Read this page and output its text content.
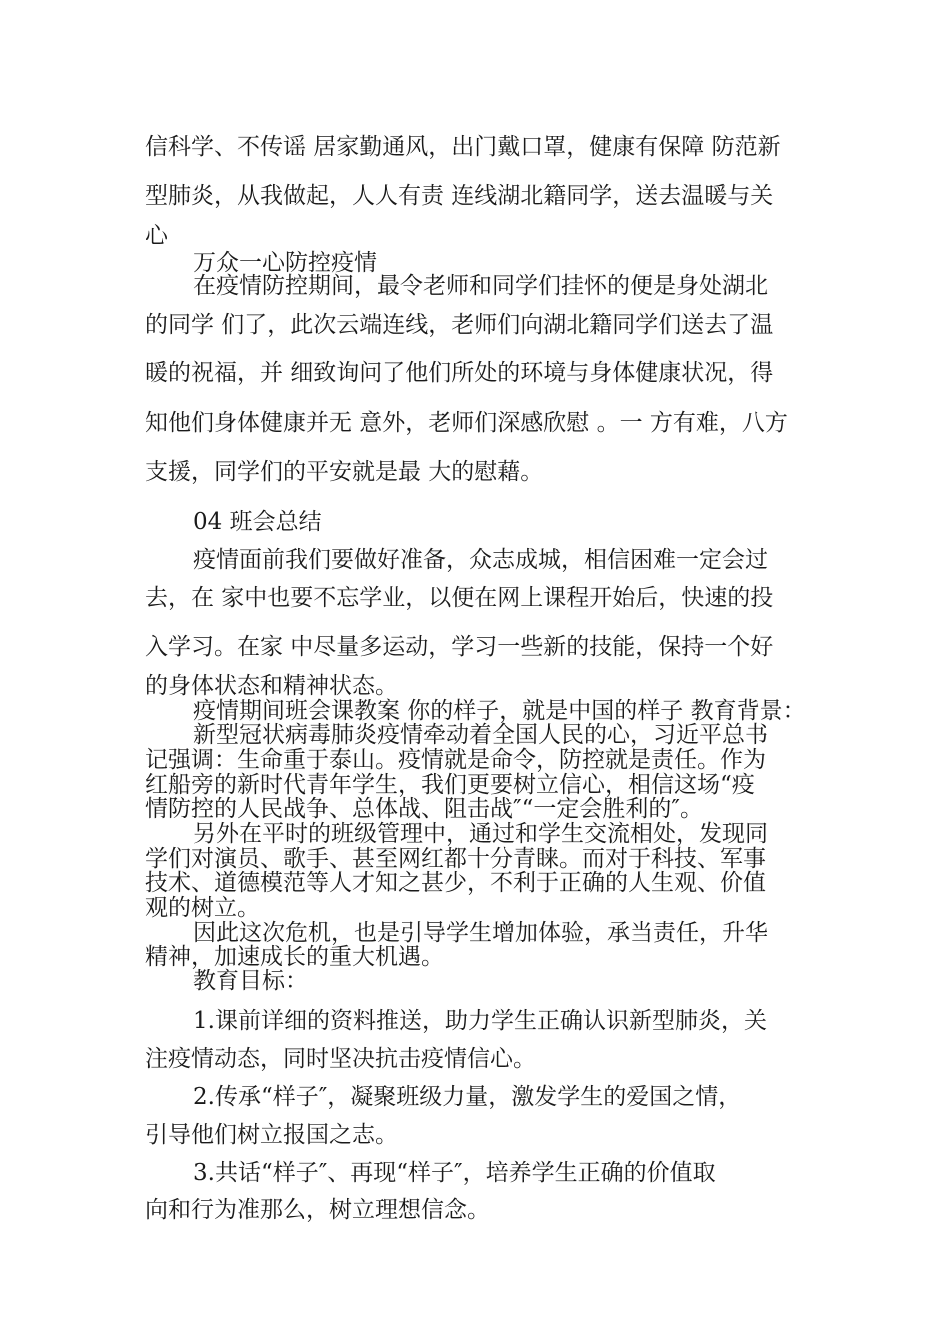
信科学、不传谣 居家勤通风，出门戴口罩，健康有保障 防范新

型肺炎，从我做起，人人有责 连线湖北籍同学，送去温暖与关

心

万众一心防控疫情

在疫情防控期间，最令老师和同学们挂怀的便是身处湖北

的同学 们了，此次云端连线，老师们向湖北籍同学们送去了温

暖的祝福，并 细致询问了他们所处的环境与身体健康状况，得

知他们身体健康并无 意外，老师们深感欣慰 。一 方有难，八方

支援，同学们的平安就是最 大的慰藉。

04 班会总结

疫情面前我们要做好准备，众志成城，相信困难一定会过

去，在 家中也要不忘学业，以便在网上课程开始后，快速的投

入学习。在家 中尽量多运动，学习一些新的技能，保持一个好

的身体状态和精神状态。

疫情期间班会课教案 你的样子，就是中国的样子 教育背景：

新型冠状病毒肺炎疫情牵动着全国人民的心，习近平总书

记强调：生命重于泰山。疫情就是命令，防控就是责任。作为

红船旁的新时代青年学生，我们更要树立信心，相信这场“疫

情防控的人民战争、总体战、阻击战″“一定会胜利的″。

另外在平时的班级管理中，通过和学生交流相处，发现同

学们对演员、歌手、甚至网红都十分青睐。而对于科技、军事

技术、道德模范等人才知之甚少，不利于正确的人生观、价值

观的树立。

因此这次危机，也是引导学生增加体验，承当责任，升华

精神，加速成长的重大机遇。

教育目标：

1.课前详细的资料推送，助力学生正确认识新型肺炎，关

注疫情动态，同时坚决抗击疫情信心。

2.传承“样子″，凝聚班级力量，激发学生的爱国之情，

引导他们树立报国之志。

3.共话“样子″、再现“样子″，培养学生正确的价值取

向和行为准那么，树立理想信念。
